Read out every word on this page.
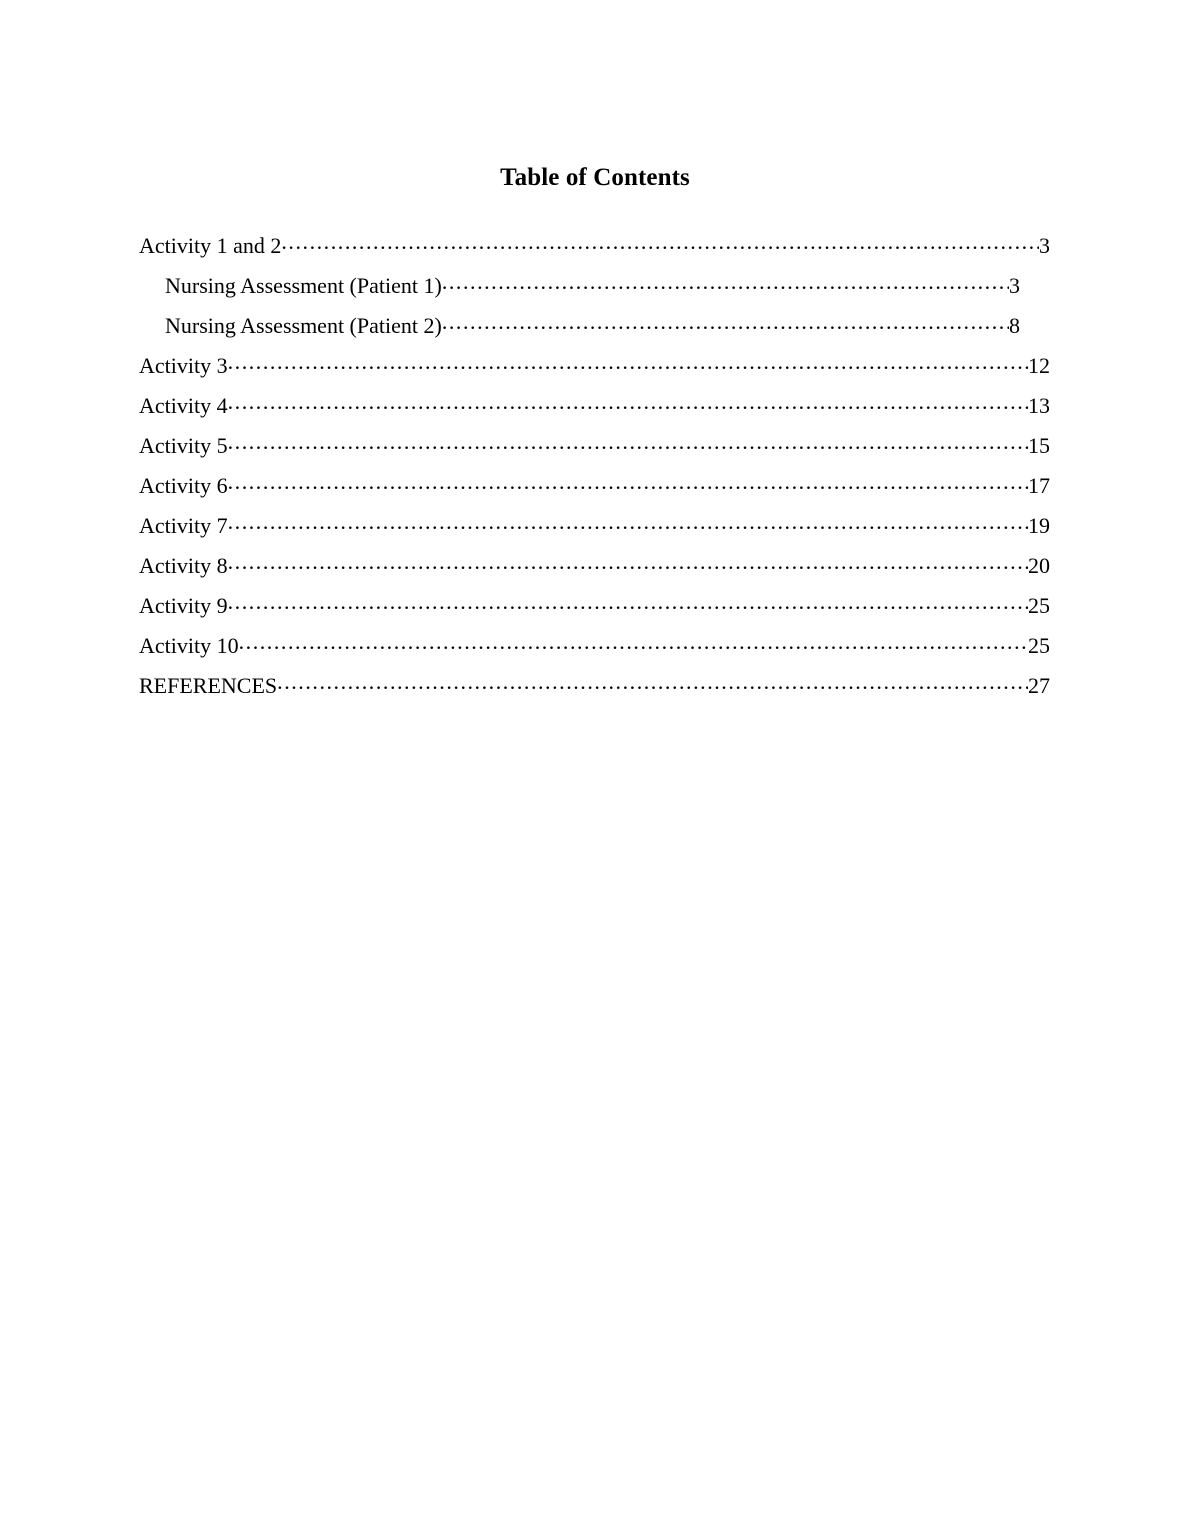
Table of Contents
Activity 1 and 2 .....	3
Nursing Assessment (Patient 1) .....	3
Nursing Assessment (Patient 2) .....	8
Activity 3 .....	12
Activity 4 .....	13
Activity 5 .....	15
Activity 6 .....	17
Activity 7 .....	19
Activity 8 .....	20
Activity 9 .....	25
Activity 10 .....	25
REFERENCES .....	27
